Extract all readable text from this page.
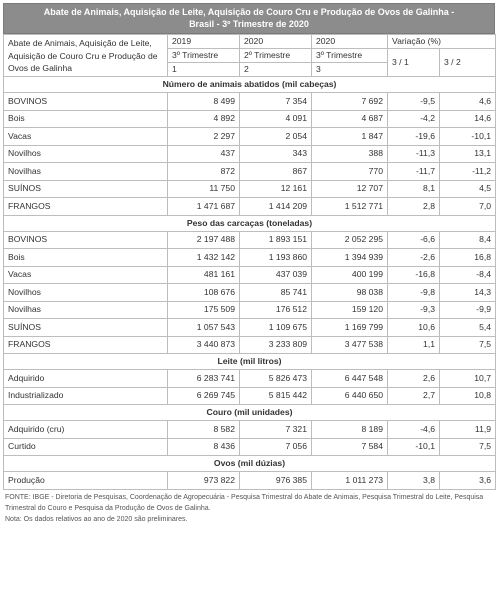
Abate de Animais, Aquisição de Leite, Aquisição de Couro Cru e Produção de Ovos de Galinha -
Brasil - 3º Trimestre de 2020
Abate de Animais, Aquisição de Leite, Aquisição de Couro Cru e Produção de Ovos de Galinha	2019	2020	2020	Variação (%)	
	3º Trimestre	2º Trimestre	3º Trimestre	3 / 1	3 / 2
	1	2	3		
Número de animais abatidos (mil cabeças)					
BOVINOS	8 499	7 354	7 692	-9,5	4,6
Bois	4 892	4 091	4 687	-4,2	14,6
Vacas	2 297	2 054	1 847	-19,6	-10,1
Novilhos	437	343	388	-11,3	13,1
Novilhas	872	867	770	-11,7	-11,2
SUÍNOS	11 750	12 161	12 707	8,1	4,5
FRANGOS	1 471 687	1 414 209	1 512 771	2,8	7,0
Peso das carcaças (toneladas)					
BOVINOS	2 197 488	1 893 151	2 052 295	-6,6	8,4
Bois	1 432 142	1 193 860	1 394 939	-2,6	16,8
Vacas	481 161	437 039	400 199	-16,8	-8,4
Novilhos	108 676	85 741	98 038	-9,8	14,3
Novilhas	175 509	176 512	159 120	-9,3	-9,9
SUÍNOS	1 057 543	1 109 675	1 169 799	10,6	5,4
FRANGOS	3 440 873	3 233 809	3 477 538	1,1	7,5
Leite (mil litros)					
Adquirido	6 283 741	5 826 473	6 447 548	2,6	10,7
Industrializado	6 269 745	5 815 442	6 440 650	2,7	10,8
Couro (mil unidades)					
Adquirido (cru)	8 582	7 321	8 189	-4,6	11,9
Curtido	8 436	7 056	7 584	-10,1	7,5
Ovos (mil dúzias)					
Produção	973 822	976 385	1 011 273	3,8	3,6
FONTE: IBGE - Diretoria de Pesquisas, Coordenação de Agropecuária - Pesquisa Trimestral do Abate de Animais, Pesquisa Trimestral do Leite, Pesquisa Trimestral do Couro e Pesquisa da Produção de Ovos de Galinha.
Nota: Os dados relativos ao ano de 2020 são preliminares.
